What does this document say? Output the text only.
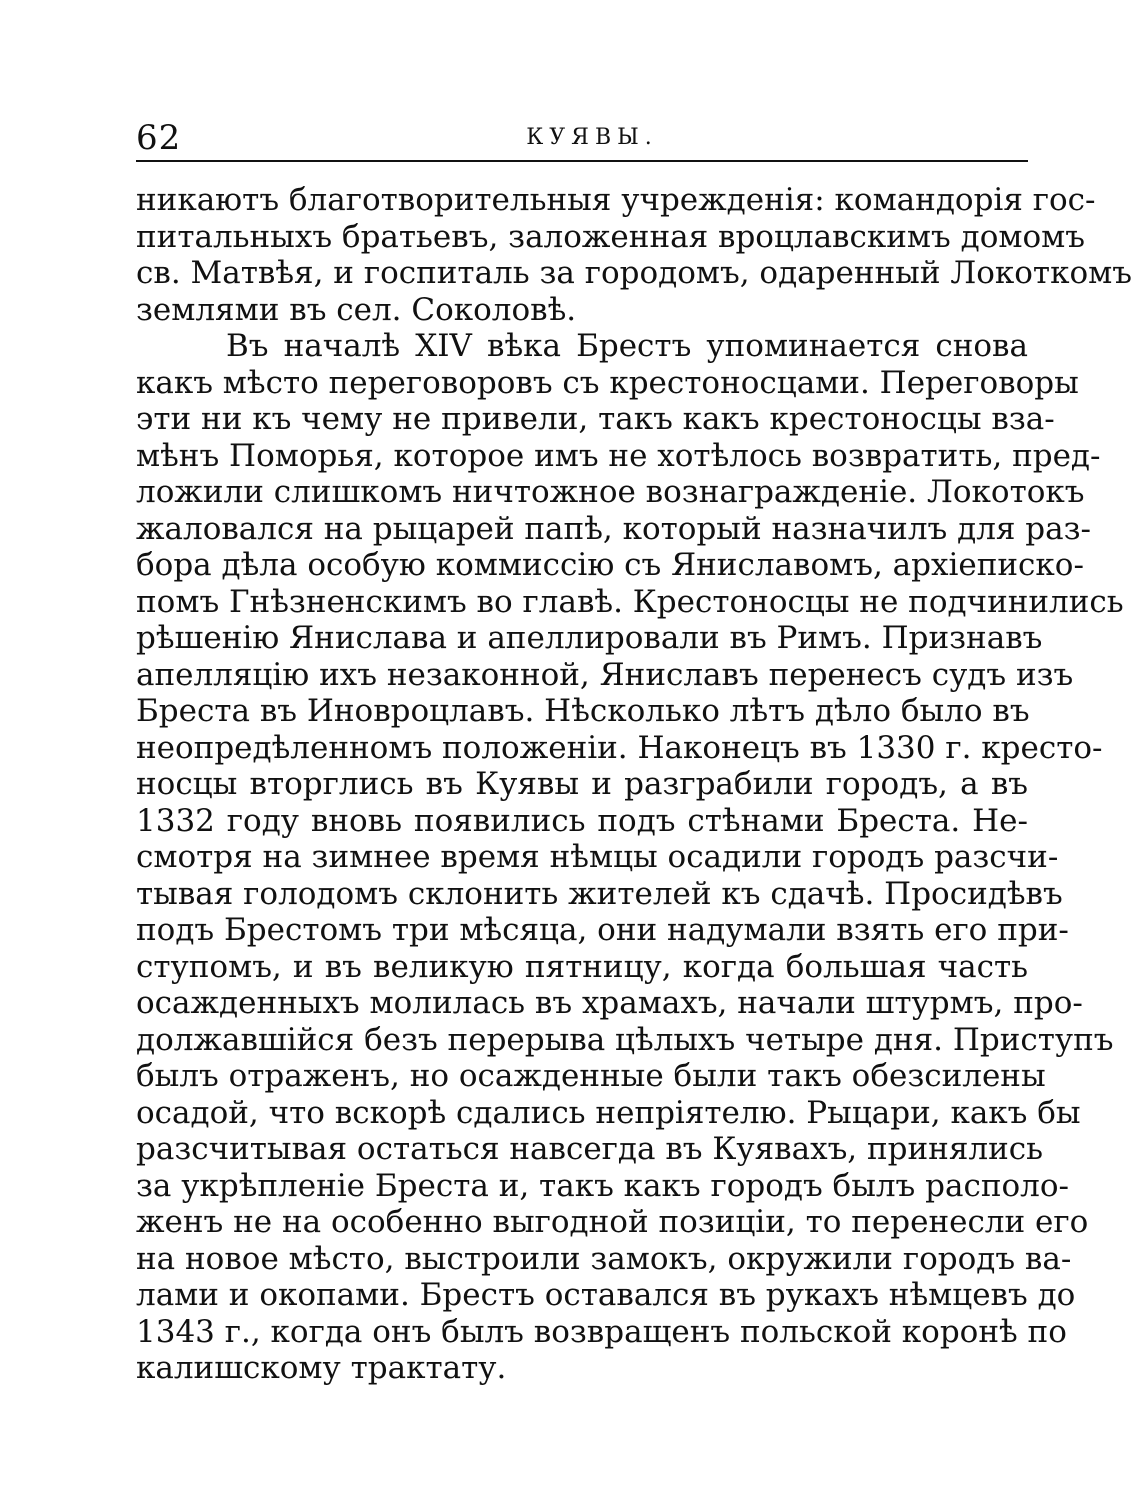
62	КУЯВЫ.
никаютъ благотворительныя учрежденія: командорія гос-
питальныхъ братьевъ, заложенная вроцлавскимъ домомъ
св. Матвѣя, и госпиталь за городомъ, одаренный Локоткомъ
землями въ сел. Соколовѣ.
Въ началѣ XIV вѣка Брестъ упоминается снова
какъ мѣсто переговоровъ съ крестоносцами. Переговоры
эти ни къ чему не привели, такъ какъ крестоносцы вза-
мѣнъ Поморья, которое имъ не хотѣлось возвратить, пред-
ложили слишкомъ ничтожное вознагражденіе. Локотокъ
жаловался на рыцарей папѣ, который назначилъ для раз-
бора дѣла особую коммиссію съ Яниславомъ, архіеписко-
помъ Гнѣзненскимъ во главѣ. Крестоносцы не подчинились
рѣшенію Янислава и апеллировали въ Римъ. Признавъ
апелляцію ихъ незаконной, Яниславъ перенесъ судъ изъ
Бреста въ Иновроцлавъ. Нѣсколько лѣтъ дѣло было въ
неопредѣленномъ положеніи. Наконецъ въ 1330 г. кресто-
носцы вторглись въ Куявы и разграбили городъ, а въ
1332 году вновь появились подъ стѣнами Бреста. Не-
смотря на зимнее время нѣмцы осадили городъ разсчи-
тывая голодомъ склонить жителей къ сдачѣ. Просидѣвъ
подъ Брестомъ три мѣсяца, они надумали взять его при-
ступомъ, и въ великую пятницу, когда большая часть
осажденныхъ молилась въ храмахъ, начали штурмъ, про-
должавшійся безъ перерыва цѣлыхъ четыре дня. Приступъ
былъ отраженъ, но осажденные были такъ обезсилены
осадой, что вскорѣ сдались непріятелю. Рыцари, какъ бы
разсчитывая остаться навсегда въ Куявахъ, принялись
за укрѣпленіе Бреста и, такъ какъ городъ былъ располо-
женъ не на особенно выгодной позиціи, то перенесли его
на новое мѣсто, выстроили замокъ, окружили городъ ва-
лами и окопами. Брестъ оставался въ рукахъ нѣмцевъ до
1343 г., когда онъ былъ возвращенъ польской коронѣ по
калишскому трактату.
